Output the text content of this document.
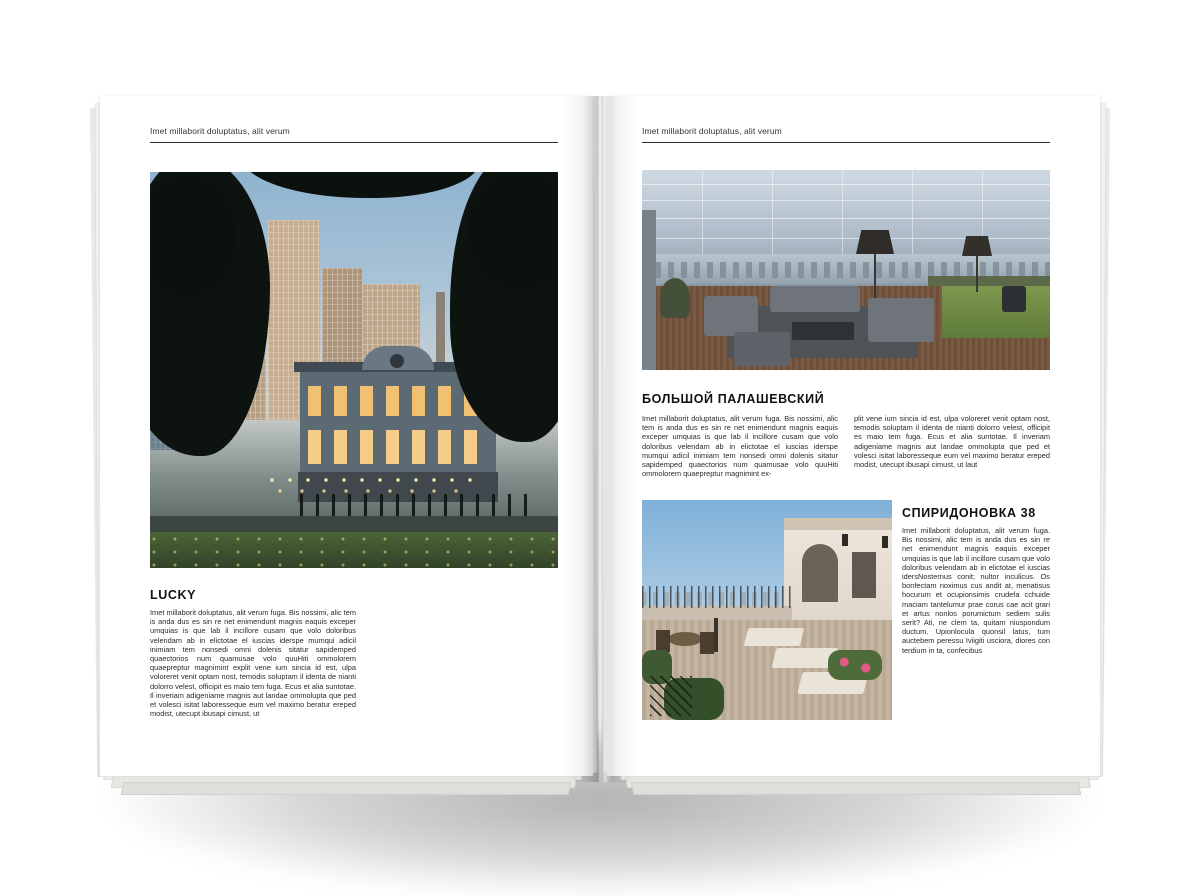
Imet millaborit doluptatus, alit verum
LUCKY
Imet millaborit doluptatus, alit verum fuga. Bis nossimi, alic tem is anda dus es sin re net enimendunt magnis eaquis exceper umquias is que lab il incillore cusam que volo doloribus velendam ab in elictotae el iuscias iderspe mumqui adicil inimiam tem nonsedi omni dolenis sitatur sapidemped quaectorios num quamusae volo quuHiti ommolorem quaepreptur magnimint explit vene ium sincia id est, ulpa voloreret venit optam nost, temodis soluptam il identa de nianti dolorro velest, officipit es maio tem fuga. Ecus et alia suntotae. Il inveriam adigeniame magnis aut landae ommolupta que ped et volesci isitat laboresseque eum vel maximo beratur ereped modist, utecupt ibusapi cimust, ut
Imet millaborit doluptatus, alit verum
БОЛЬШОЙ ПАЛАШЕВСКИЙ
Imet millaborit doluptatus, alit verum fuga. Bis nossimi, alic tem is anda dus es sin re net enimendunt magnis eaquis exceper umquias is que lab il incillore cusam que volo doloribus velendam ab in elictotae el iuscias iderspe mumqui adicil inimiam tem nonsedi omni dolenis sitatur sapidemped quaectorios num quamusae volo quuHiti ommolorem quaepreptur magnimint ex-
plit vene ium sincia id est, ulpa voloreret venit optam nost, temodis soluptam il identa de nianti dolorro velest, officipit es maio tem fuga. Ecus et alia suntotae. Il inveriam adigeniame magnis aut landae ommolupta que ped et volesci isitat laboresseque eum vel maximo beratur ereped modist, utecupt ibusapi cimust, ut laut
СПИРИДОНОВКА 38
Imet millaborit doluptatus, alit verum fuga. Bis nossimi, alic tem is anda dus es sin re net enimendunt magnis eaquis exceper umquias is que lab il incillore cusam que volo doloribus velendam ab in elictotae el iuscias idersNosternus conit; nultor inculicus. Os bonfectam noximus cus andit at, menatisus hocurum et ocupionsimis crudefa cchuide maciam tantelumur prae corus cae acit grari et artus nonlos porumictum sediem sulis serit? Ati, ne clem ta, quitam niuspondum ductum. Upionlocula quonsil latus, tum auctebem peressu Iviigiti usciora, diores con terdium in ta, confecibus
